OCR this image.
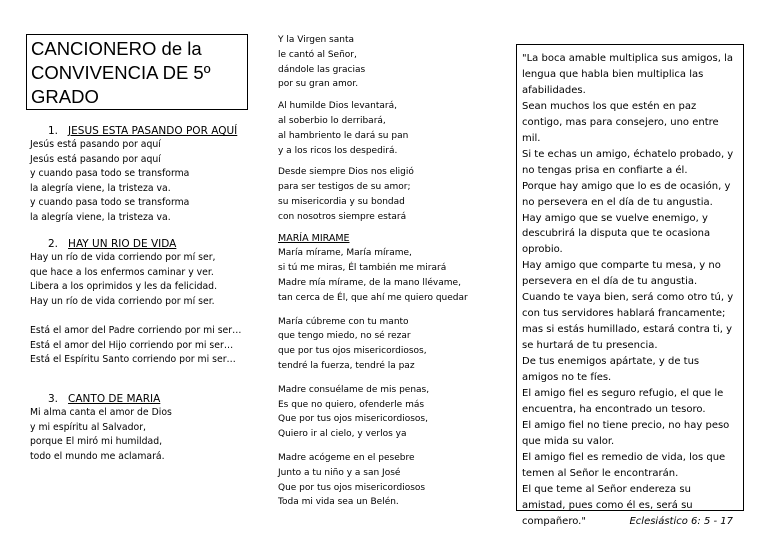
CANCIONERO de la CONVIVENCIA DE 5º GRADO
1. JESUS ESTA PASANDO POR AQUÍ
Jesús está pasando por aquí
Jesús está pasando por aquí
y cuando pasa todo se transforma
la alegría viene, la tristeza va.
y cuando pasa todo se transforma
la alegría viene, la tristeza va.
2. HAY UN RIO DE VIDA
Hay un río de vida corriendo por mí ser,
que hace a los enfermos caminar y ver.
Libera a los oprimidos y les da felicidad.
Hay un río de vida corriendo por mí ser.
Está el amor del Padre corriendo por mi ser…
Está el amor del Hijo corriendo por mi ser…
Está el Espíritu Santo corriendo por mi ser…
3. CANTO DE MARIA
Mi alma canta el amor de Dios
y mi espíritu al Salvador,
porque El miró mi humildad,
todo el mundo me aclamará.
Y la Virgen santa
le cantó al Señor,
dándole las gracias
por su gran amor.
Al humilde Dios levantará,
al soberbio lo derribará,
al hambriento le dará su pan
y a los ricos los despedirá.
Desde siempre Dios nos eligió
para ser testigos de su amor;
su misericordia y su bondad
con nosotros siempre estará
MARÍA MIRAME
María mírame, María mírame,
si tú me miras, Él también me mirará
Madre mía mírame, de la mano llévame,
tan cerca de Él, que ahí me quiero quedar
María cúbreme con tu manto
que tengo miedo, no sé rezar
que por tus ojos misericordiosos,
tendré la fuerza, tendré la paz
Madre consuélame de mis penas,
Es que no quiero, ofenderle más
Que por tus ojos misericordiosos,
Quiero ir al cielo, y verlos ya
Madre acógeme en el pesebre
Junto a tu niño y a san José
Que por tus ojos misericordiosos
Toda mi vida sea un Belén.
"La boca amable multiplica sus amigos, la
lengua que habla bien multiplica las
afabilidades.
Sean muchos los que estén en paz
contigo, mas para consejero, uno entre
mil.
Si te echas un amigo, échatelo probado, y
no tengas prisa en confiarte a él.
Porque hay amigo que lo es de ocasión, y
no persevera en el día de tu angustia.
Hay amigo que se vuelve enemigo, y
descubrirá la disputa que te ocasiona
oprobio.
Hay amigo que comparte tu mesa, y no
persevera en el día de tu angustia.
Cuando te vaya bien, será como otro tú, y
con tus servidores hablará francamente;
mas si estás humillado, estará contra ti, y
se hurtará de tu presencia.
De tus enemigos apártate, y de tus
amigos no te fíes.
El amigo fiel es seguro refugio, el que le
encuentra, ha encontrado un tesoro.
El amigo fiel no tiene precio, no hay peso
que mida su valor.
El amigo fiel es remedio de vida, los que
temen al Señor le encontrarán.
El que teme al Señor endereza su
amistad, pues como él es, será su
compañero."	Eclesiástico 6: 5 - 17
